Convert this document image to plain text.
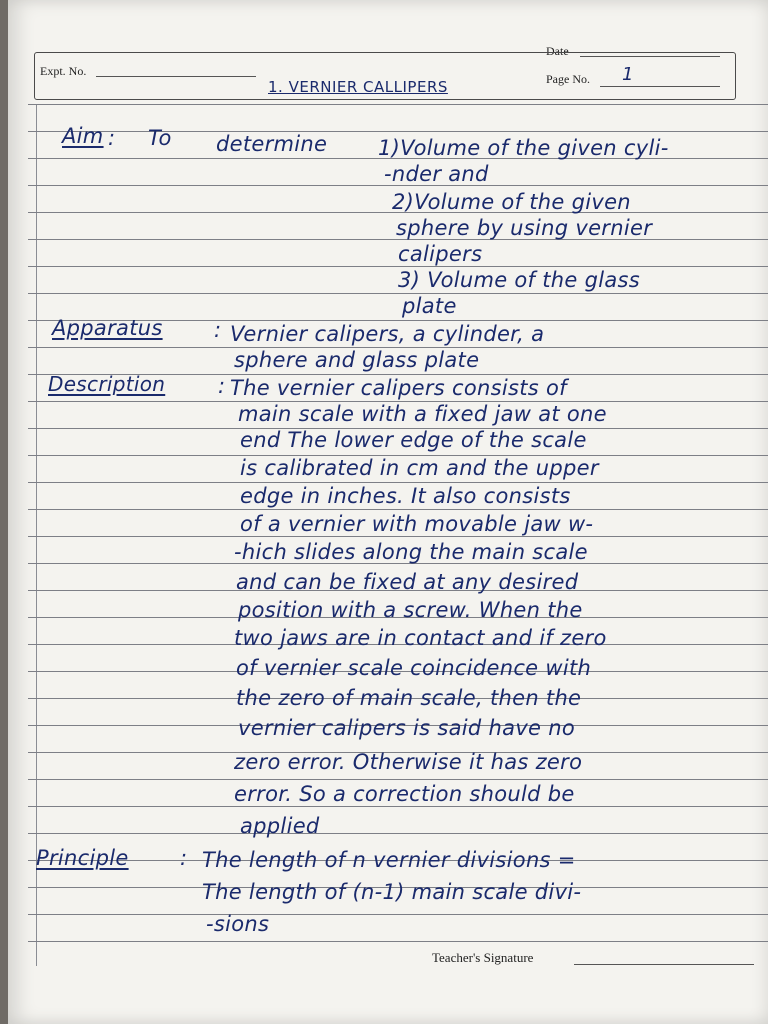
Date
Expt. No.
1. VERNIER CALLIPERS	Page No. 1
Aim : To determine 1)Volume of the given cyli-
-nder and
2)Volume of the given
sphere by using vernier
calipers
3) Volume of the glass
plate
Apparatus : Vernier calipers, a cylinder, a
sphere and glass plate
Description	: The vernier calipers consists of
main scale with a fixed jaw at one
end The lower edge of the scale
is calibrated in cm and the upper
edge in inches. It also consists
of a vernier with movable jaw w-
-hich slides along the main scale
and can be fixed at any desired
position with a screw. When the
two jaws are in contact and if zero
of vernier scale coincidence with
the zero of main scale, then the
vernier calipers is said have no
zero error. Otherwise it has zero
error. So a correction should be
applied
Principle : The length of n vernier divisions =
The length of (n-1) main scale divi-
-sions
Teacher's Signature
